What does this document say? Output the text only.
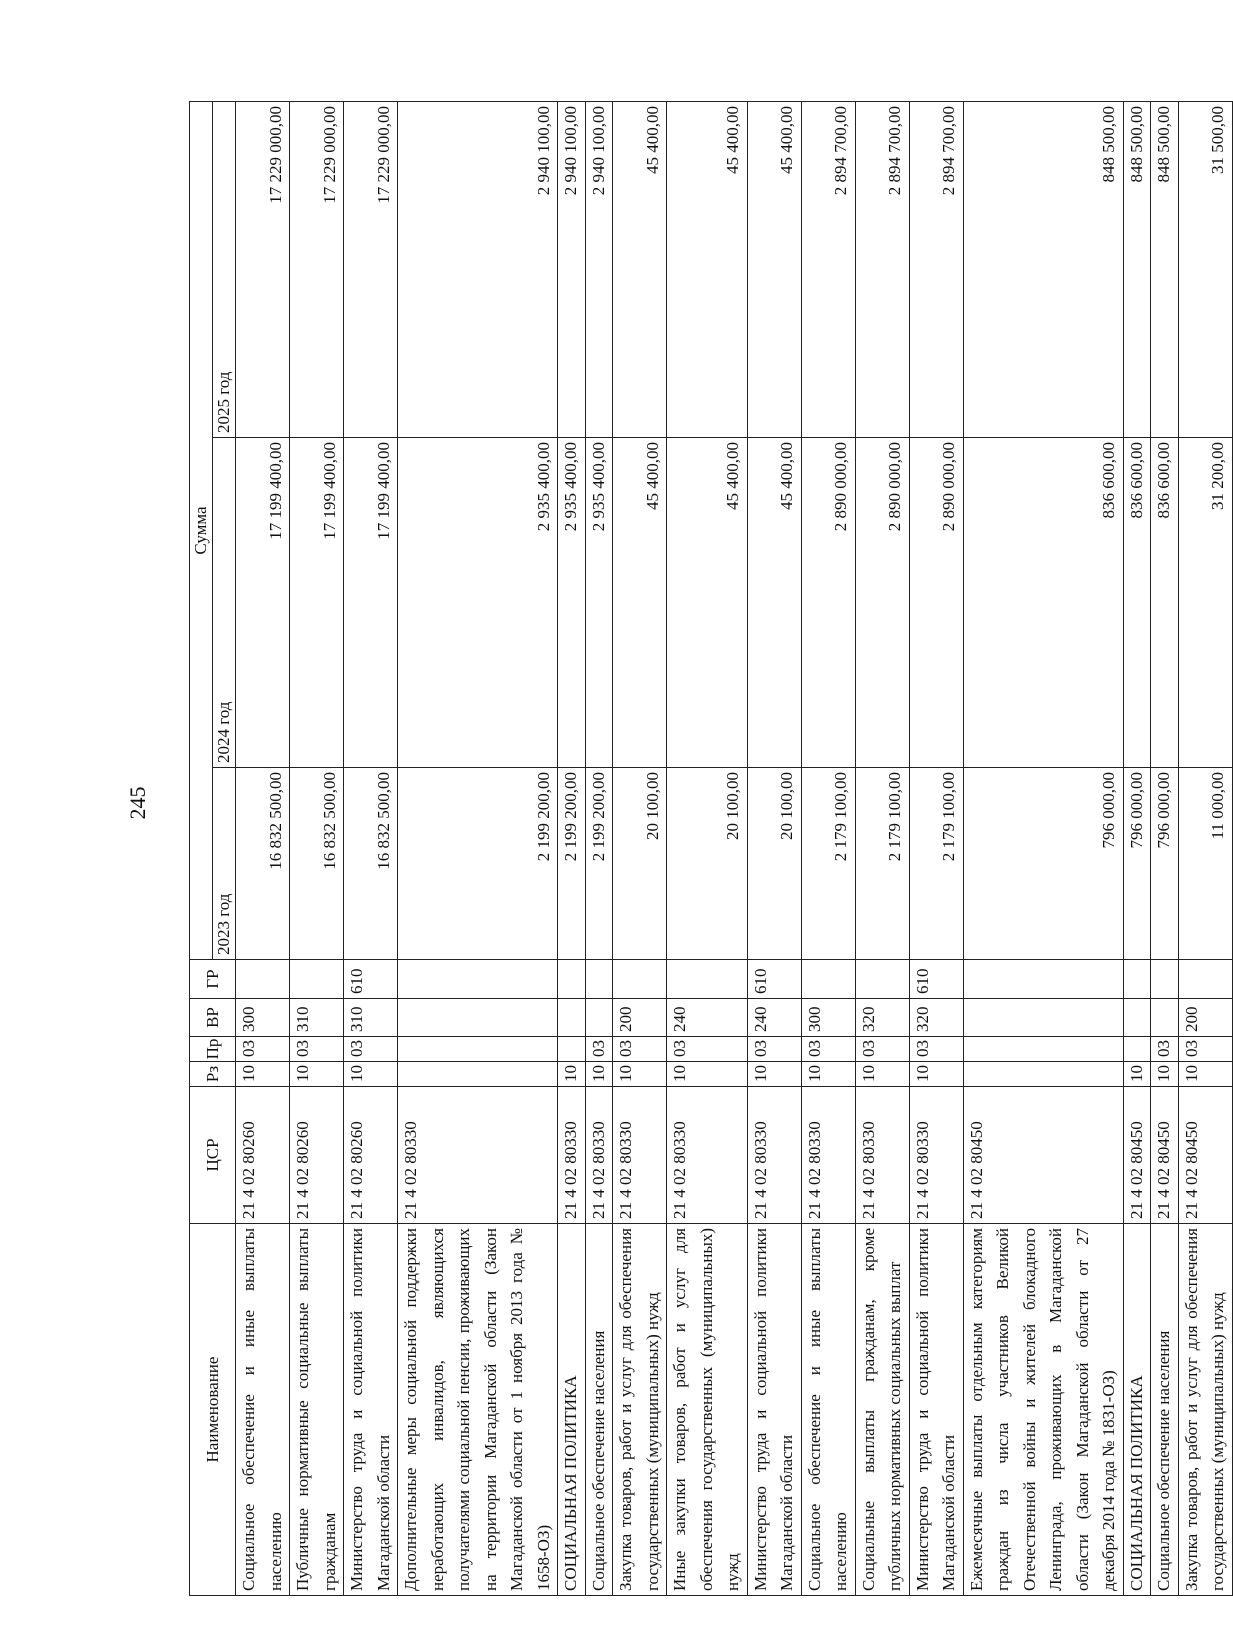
245
Наименование	ЦСР	Рз	Пр	ВР	ГР	Сумма		
						2023 год	2024 год	2025 год
Социальное обеспечение и иные выплаты населению	21 4 02 80260	10	03	300		16 832 500,00	17 199 400,00	17 229 000,00
Публичные нормативные социальные выплаты гражданам	21 4 02 80260	10	03	310		16 832 500,00	17 199 400,00	17 229 000,00
Министерство труда и социальной политики Магаданской области	21 4 02 80260	10	03	310	610	16 832 500,00	17 199 400,00	17 229 000,00
Дополнительные меры социальной поддержки неработающих инвалидов, являющихся получателями социальной пенсии, проживающих на территории Магаданской области (Закон Магаданской области от 1 ноября 2013 года № 1658-ОЗ)	21 4 02 80330					2 199 200,00	2 935 400,00	2 940 100,00
СОЦИАЛЬНАЯ ПОЛИТИКА	21 4 02 80330	10				2 199 200,00	2 935 400,00	2 940 100,00
Социальное обеспечение населения	21 4 02 80330	10	03			2 199 200,00	2 935 400,00	2 940 100,00
Закупка товаров, работ и услуг для обеспечения государственных (муниципальных) нужд	21 4 02 80330	10	03	200		20 100,00	45 400,00	45 400,00
Иные закупки товаров, работ и услуг для обеспечения государственных (муниципальных) нужд	21 4 02 80330	10	03	240		20 100,00	45 400,00	45 400,00
Министерство труда и социальной политики Магаданской области	21 4 02 80330	10	03	240	610	20 100,00	45 400,00	45 400,00
Социальное обеспечение и иные выплаты населению	21 4 02 80330	10	03	300		2 179 100,00	2 890 000,00	2 894 700,00
Социальные выплаты гражданам, кроме публичных нормативных социальных выплат	21 4 02 80330	10	03	320		2 179 100,00	2 890 000,00	2 894 700,00
Министерство труда и социальной политики Магаданской области	21 4 02 80330	10	03	320	610	2 179 100,00	2 890 000,00	2 894 700,00
Ежемесячные выплаты отдельным категориям граждан из числа участников Великой Отечественной войны и жителей блокадного Ленинграда, проживающих в Магаданской области (Закон Магаданской области от 27 декабря 2014 года № 1831-ОЗ)	21 4 02 80450					796 000,00	836 600,00	848 500,00
СОЦИАЛЬНАЯ ПОЛИТИКА	21 4 02 80450	10				796 000,00	836 600,00	848 500,00
Социальное обеспечение населения	21 4 02 80450	10	03			796 000,00	836 600,00	848 500,00
Закупка товаров, работ и услуг для обеспечения государственных (муниципальных) нужд	21 4 02 80450	10	03	200		11 000,00	31 200,00	31 500,00
